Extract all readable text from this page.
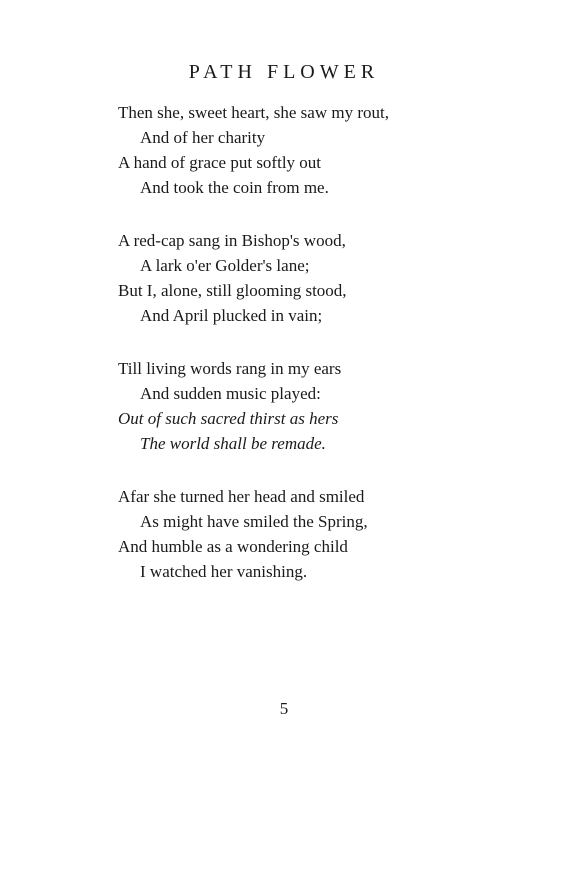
PATH FLOWER
Then she, sweet heart, she saw my rout,
And of her charity
A hand of grace put softly out
And took the coin from me.
A red-cap sang in Bishop's wood,
A lark o'er Golder's lane;
But I, alone, still glooming stood,
And April plucked in vain;
Till living words rang in my ears
And sudden music played:
Out of such sacred thirst as hers
The world shall be remade.
Afar she turned her head and smiled
As might have smiled the Spring,
And humble as a wondering child
I watched her vanishing.
5
